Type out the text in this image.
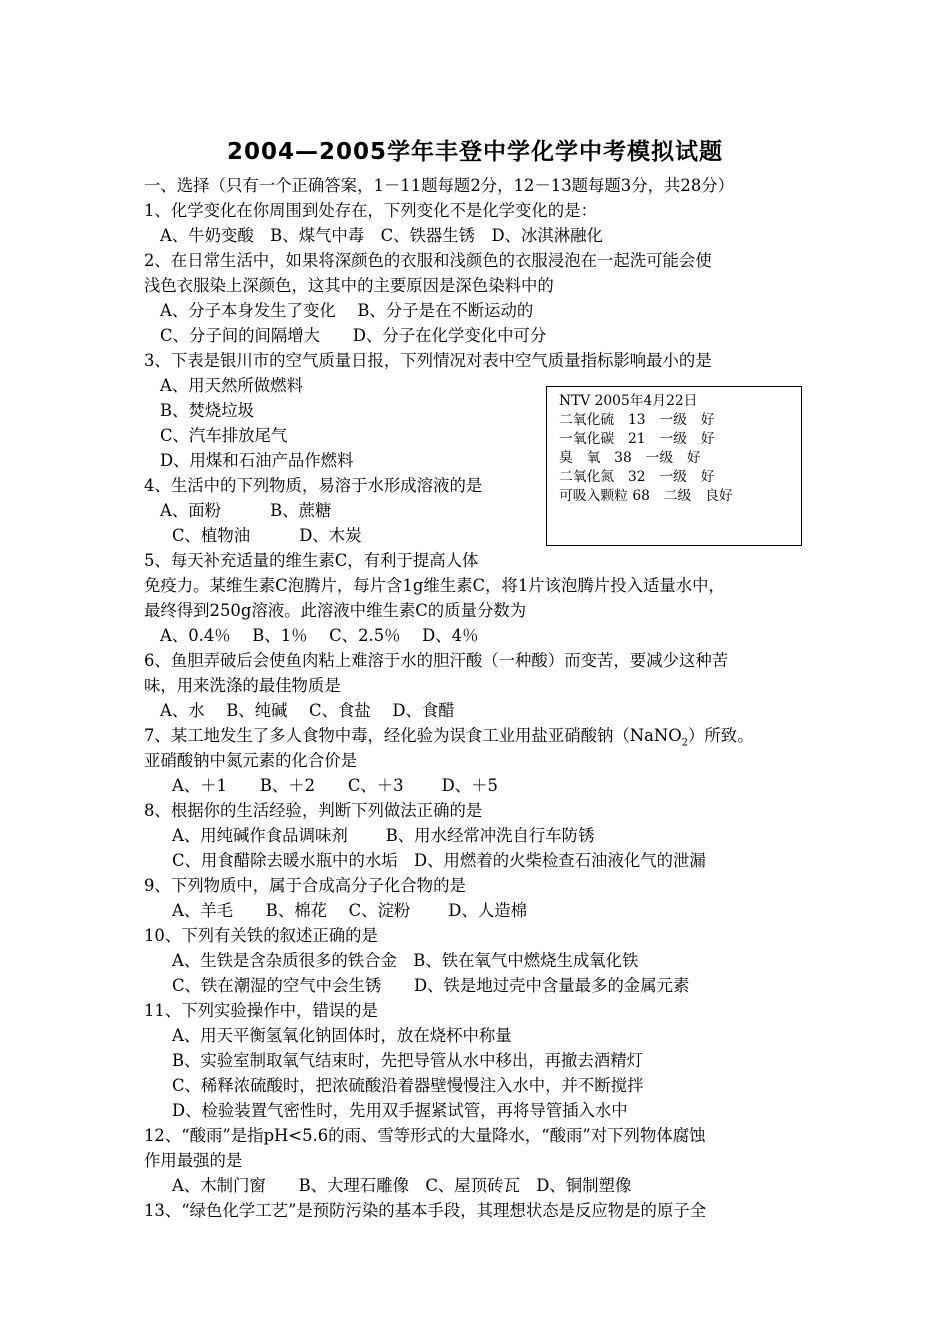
2004—2005学年丰登中学化学中考模拟试题
一、选择（只有一个正确答案，1－11题每题2分，12－13题每题3分，共28分）
1、化学变化在你周围到处存在，下列变化不是化学变化的是：
A、牛奶变酸　B、煤气中毒　C、铁器生锈　D、冰淇淋融化
2、在日常生活中，如果将深颜色的衣服和浅颜色的衣服浸泡在一起洗可能会使
浅色衣服染上深颜色，这其中的主要原因是深色染料中的
A、分子本身发生了变化　 B、分子是在不断运动的
C、分子间的间隔增大　　D、分子在化学变化中可分
3、下表是银川市的空气质量日报，下列情况对表中空气质量指标影响最小的是
A、用天然所做燃料
B、焚烧垃圾
C、汽车排放尾气
D、用煤和石油产品作燃料
4、生活中的下列物质，易溶于水形成溶液的是
A、面粉　　　B、蔗糖
C、植物油　　　D、木炭
5、每天补充适量的维生素C，有利于提高人体
免疫力。某维生素C泡腾片，每片含1g维生素C，将1片该泡腾片投入适量水中，
最终得到250g溶液。此溶液中维生素C的质量分数为
A、0.4％　 B、1％　 C、2.5％　 D、4％
6、鱼胆弄破后会使鱼肉粘上难溶于水的胆汗酸（一种酸）而变苦，要减少这种苦
味，用来洗涤的最佳物质是
A、水　 B、纯碱　 C、食盐　 D、食醋
7、某工地发生了多人食物中毒，经化验为误食工业用盐亚硝酸钠（NaNO$_2$）所致。
亚硝酸钠中氮元素的化合价是
A、＋1　　B、＋2　　C、＋3　　 D、＋5
8、根据你的生活经验，判断下列做法正确的是
A、用纯碱作食品调味剂　　 B、用水经常冲洗自行车防锈
C、用食醋除去暖水瓶中的水垢　D、用燃着的火柴检查石油液化气的泄漏
9、下列物质中，属于合成高分子化合物的是
A、羊毛　　B、棉花　 C、淀粉　　 D、人造棉
10、下列有关铁的叙述正确的是
A、生铁是含杂质很多的铁合金　B、铁在氧气中燃烧生成氧化铁
C、铁在潮湿的空气中会生锈　　D、铁是地过壳中含量最多的金属元素
11、下列实验操作中，错误的是
A、用天平衡氢氧化钠固体时，放在烧杯中称量
B、实验室制取氧气结束时，先把导管从水中移出，再撤去酒精灯
C、稀释浓硫酸时，把浓硫酸沿着器壁慢慢注入水中，并不断搅拌
D、检验装置气密性时，先用双手握紧试管，再将导管插入水中
12、“酸雨”是指pH<5.6的雨、雪等形式的大量降水，“酸雨”对下列物体腐蚀
作用最强的是
A、木制门窗　　B、大理石雕像　C、屋顶砖瓦　D、铜制塑像
13、“绿色化学工艺”是预防污染的基本手段，其理想状态是反应物是的原子全
NTV 2005年4月22日
二氧化硫　13　一级　好
一氧化碳　21　一级　好
臭　氧　38　一级　好
二氧化氮　32　一级　好
可吸入颗粒 68　二级　良好
